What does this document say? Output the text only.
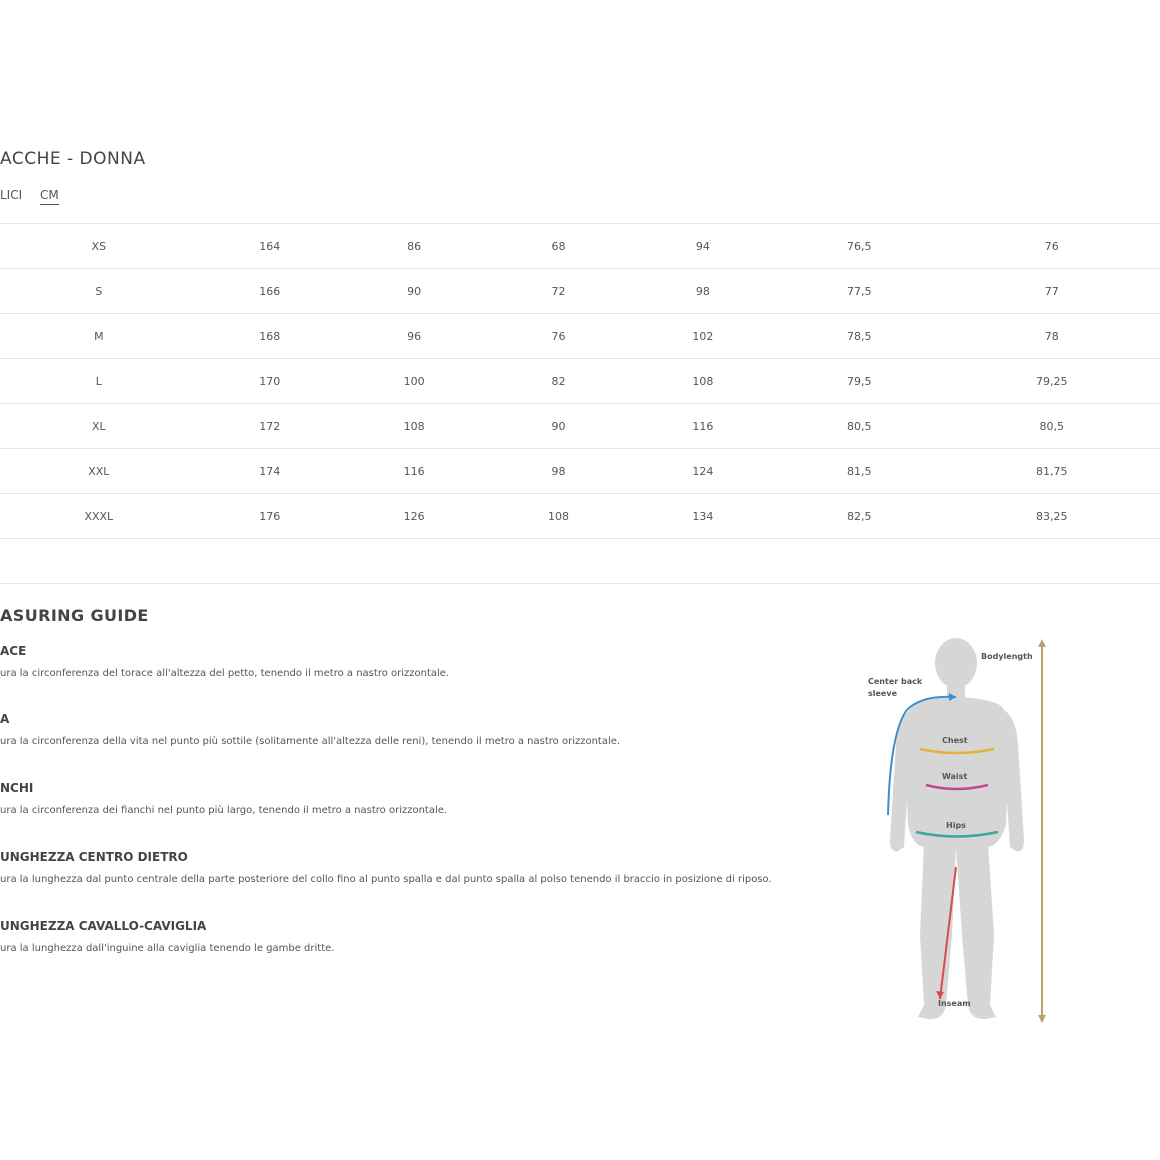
ACCHE - DONNA
LICI CM
XS	164	86	68	94	76,5	76
S	166	90	72	98	77,5	77
M	168	96	76	102	78,5	78
L	170	100	82	108	79,5	79,25
XL	172	108	90	116	80,5	80,5
XXL	174	116	98	124	81,5	81,75
XXXL	176	126	108	134	82,5	83,25
ASURING GUIDE
ACE
ura la circonferenza del torace all'altezza del petto, tenendo il metro a nastro orizzontale.
A
ura la circonferenza della vita nel punto più sottile (solitamente all'altezza delle reni), tenendo il metro a nastro orizzontale.
NCHI
ura la circonferenza dei fianchi nel punto più largo, tenendo il metro a nastro orizzontale.
UNGHEZZA CENTRO DIETRO
ura la lunghezza dal punto centrale della parte posteriore del collo fino al punto spalla e dal punto spalla al polso tenendo il braccio in posizione di riposo.
UNGHEZZA CAVALLO-CAVIGLIA
ura la lunghezza dall'inguine alla caviglia tenendo le gambe dritte.
Bodylength
Center back
sleeve
Chest
Waist
Hips
Inseam
